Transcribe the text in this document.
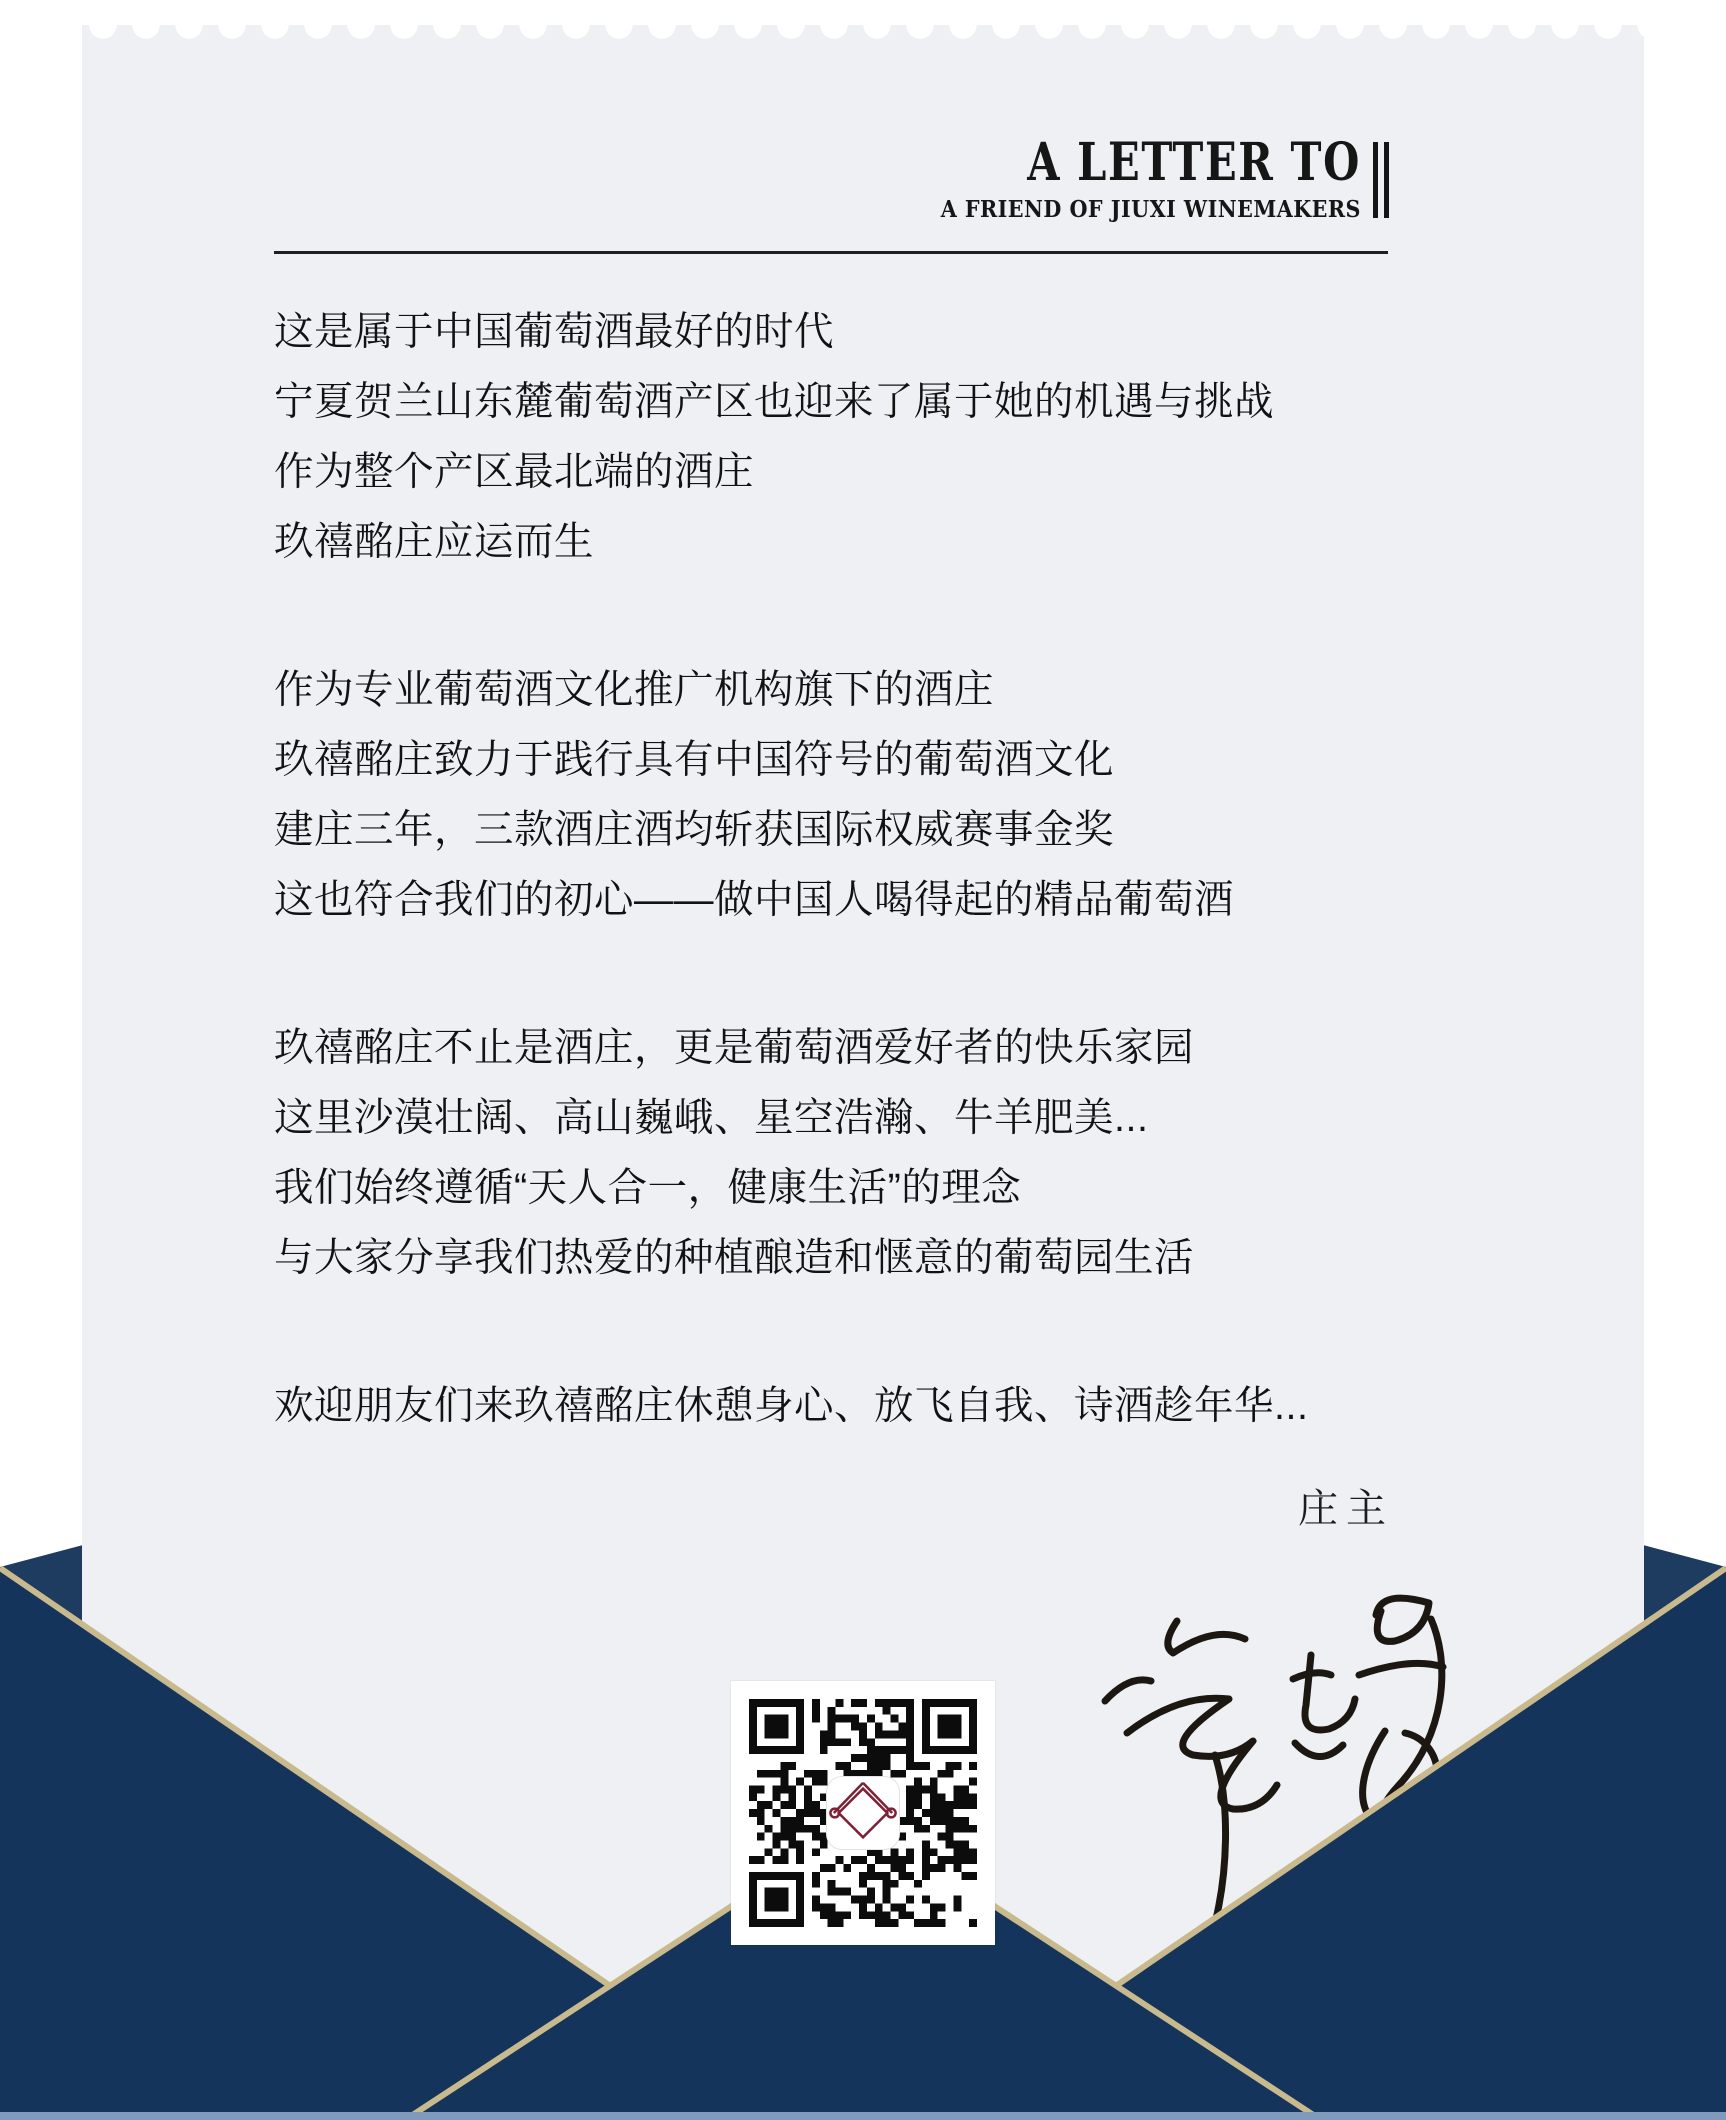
A LETTER TO
A FRIEND OF JIUXI WINEMAKERS

这是属于中国葡萄酒最好的时代

宁夏贺兰山东麓葡萄酒产区也迎来了属于她的机遇与挑战

作为整个产区最北端的酒庄

玖禧酩庄应运而生

作为专业葡萄酒文化推广机构旗下的酒庄

玖禧酩庄致力于践行具有中国符号的葡萄酒文化

建庄三年，三款酒庄酒均斩获国际权威赛事金奖

这也符合我们的初心——做中国人喝得起的精品葡萄酒

玖禧酩庄不止是酒庄，更是葡萄酒爱好者的快乐家园

这里沙漠壮阔、高山巍峨、星空浩瀚、牛羊肥美...

我们始终遵循“天人合一，健康生活”的理念

与大家分享我们热爱的种植酿造和惬意的葡萄园生活

欢迎朋友们来玖禧酩庄休憩身心、放飞自我、诗酒趁年华...

庄主
